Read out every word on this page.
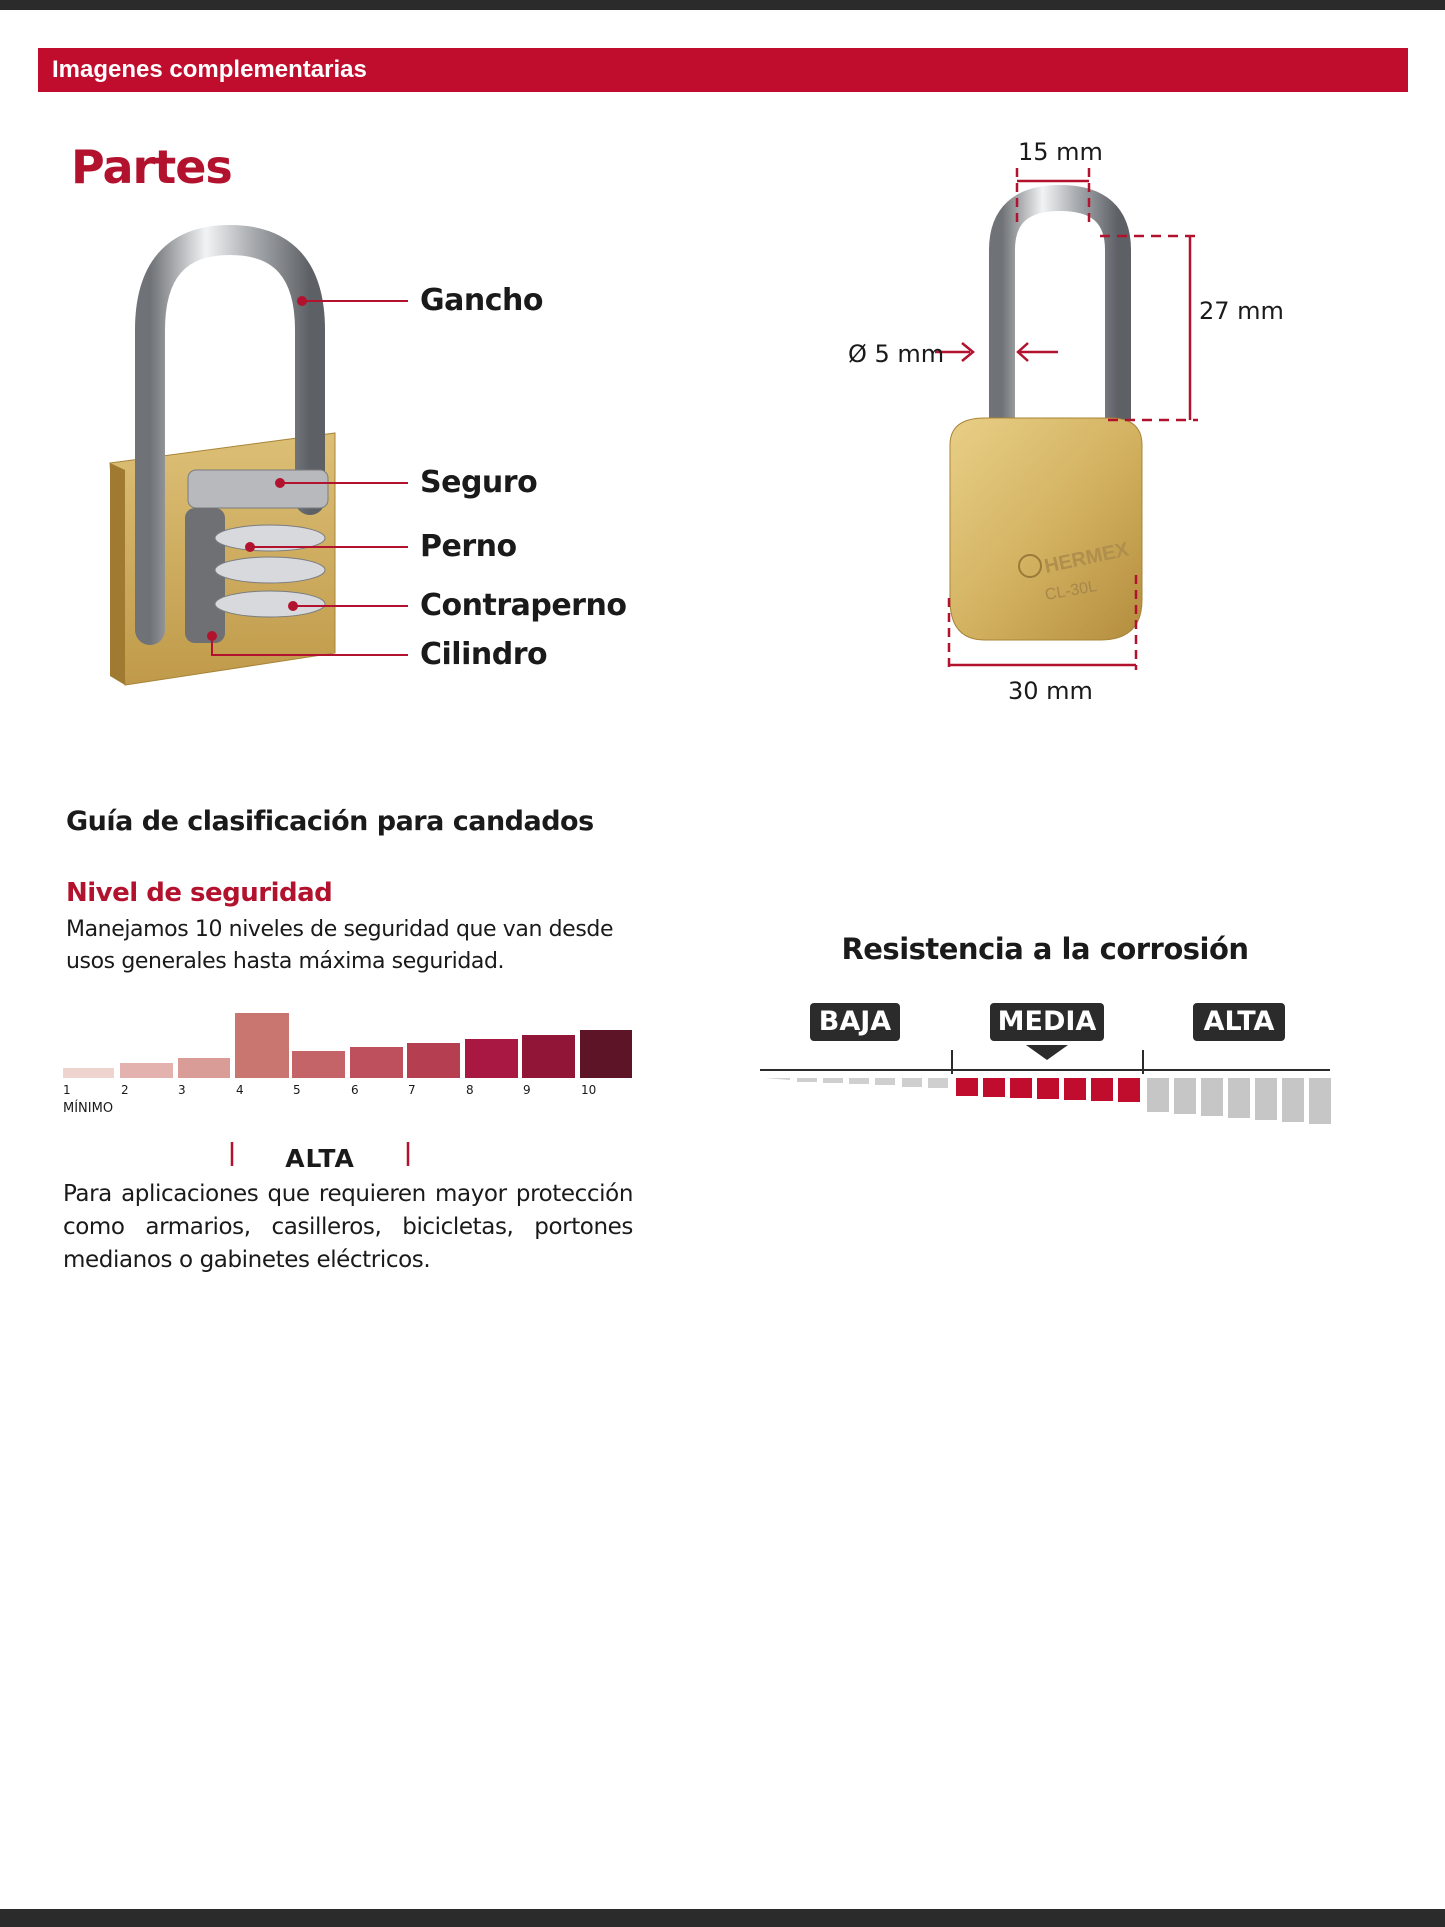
Imagenes complementarias
Partes
HERMEX
CL-30L
Gancho
Seguro
Perno
Contraperno
Cilindro
15 mm
27 mm
Ø 5 mm
30 mm
Guía de clasificación para candados
Nivel de seguridad
Manejamos 10 niveles de seguridad que van desde usos generales hasta máxima seguridad.
1	2	3	4	5	6	7	8	9	10
MÍNIMO
ALTA
Para aplicaciones que requieren mayor protección como armarios, casilleros, bicicletas, portones medianos o gabinetes eléctricos.
Resistencia a la corrosión
BAJA	MEDIA	ALTA
